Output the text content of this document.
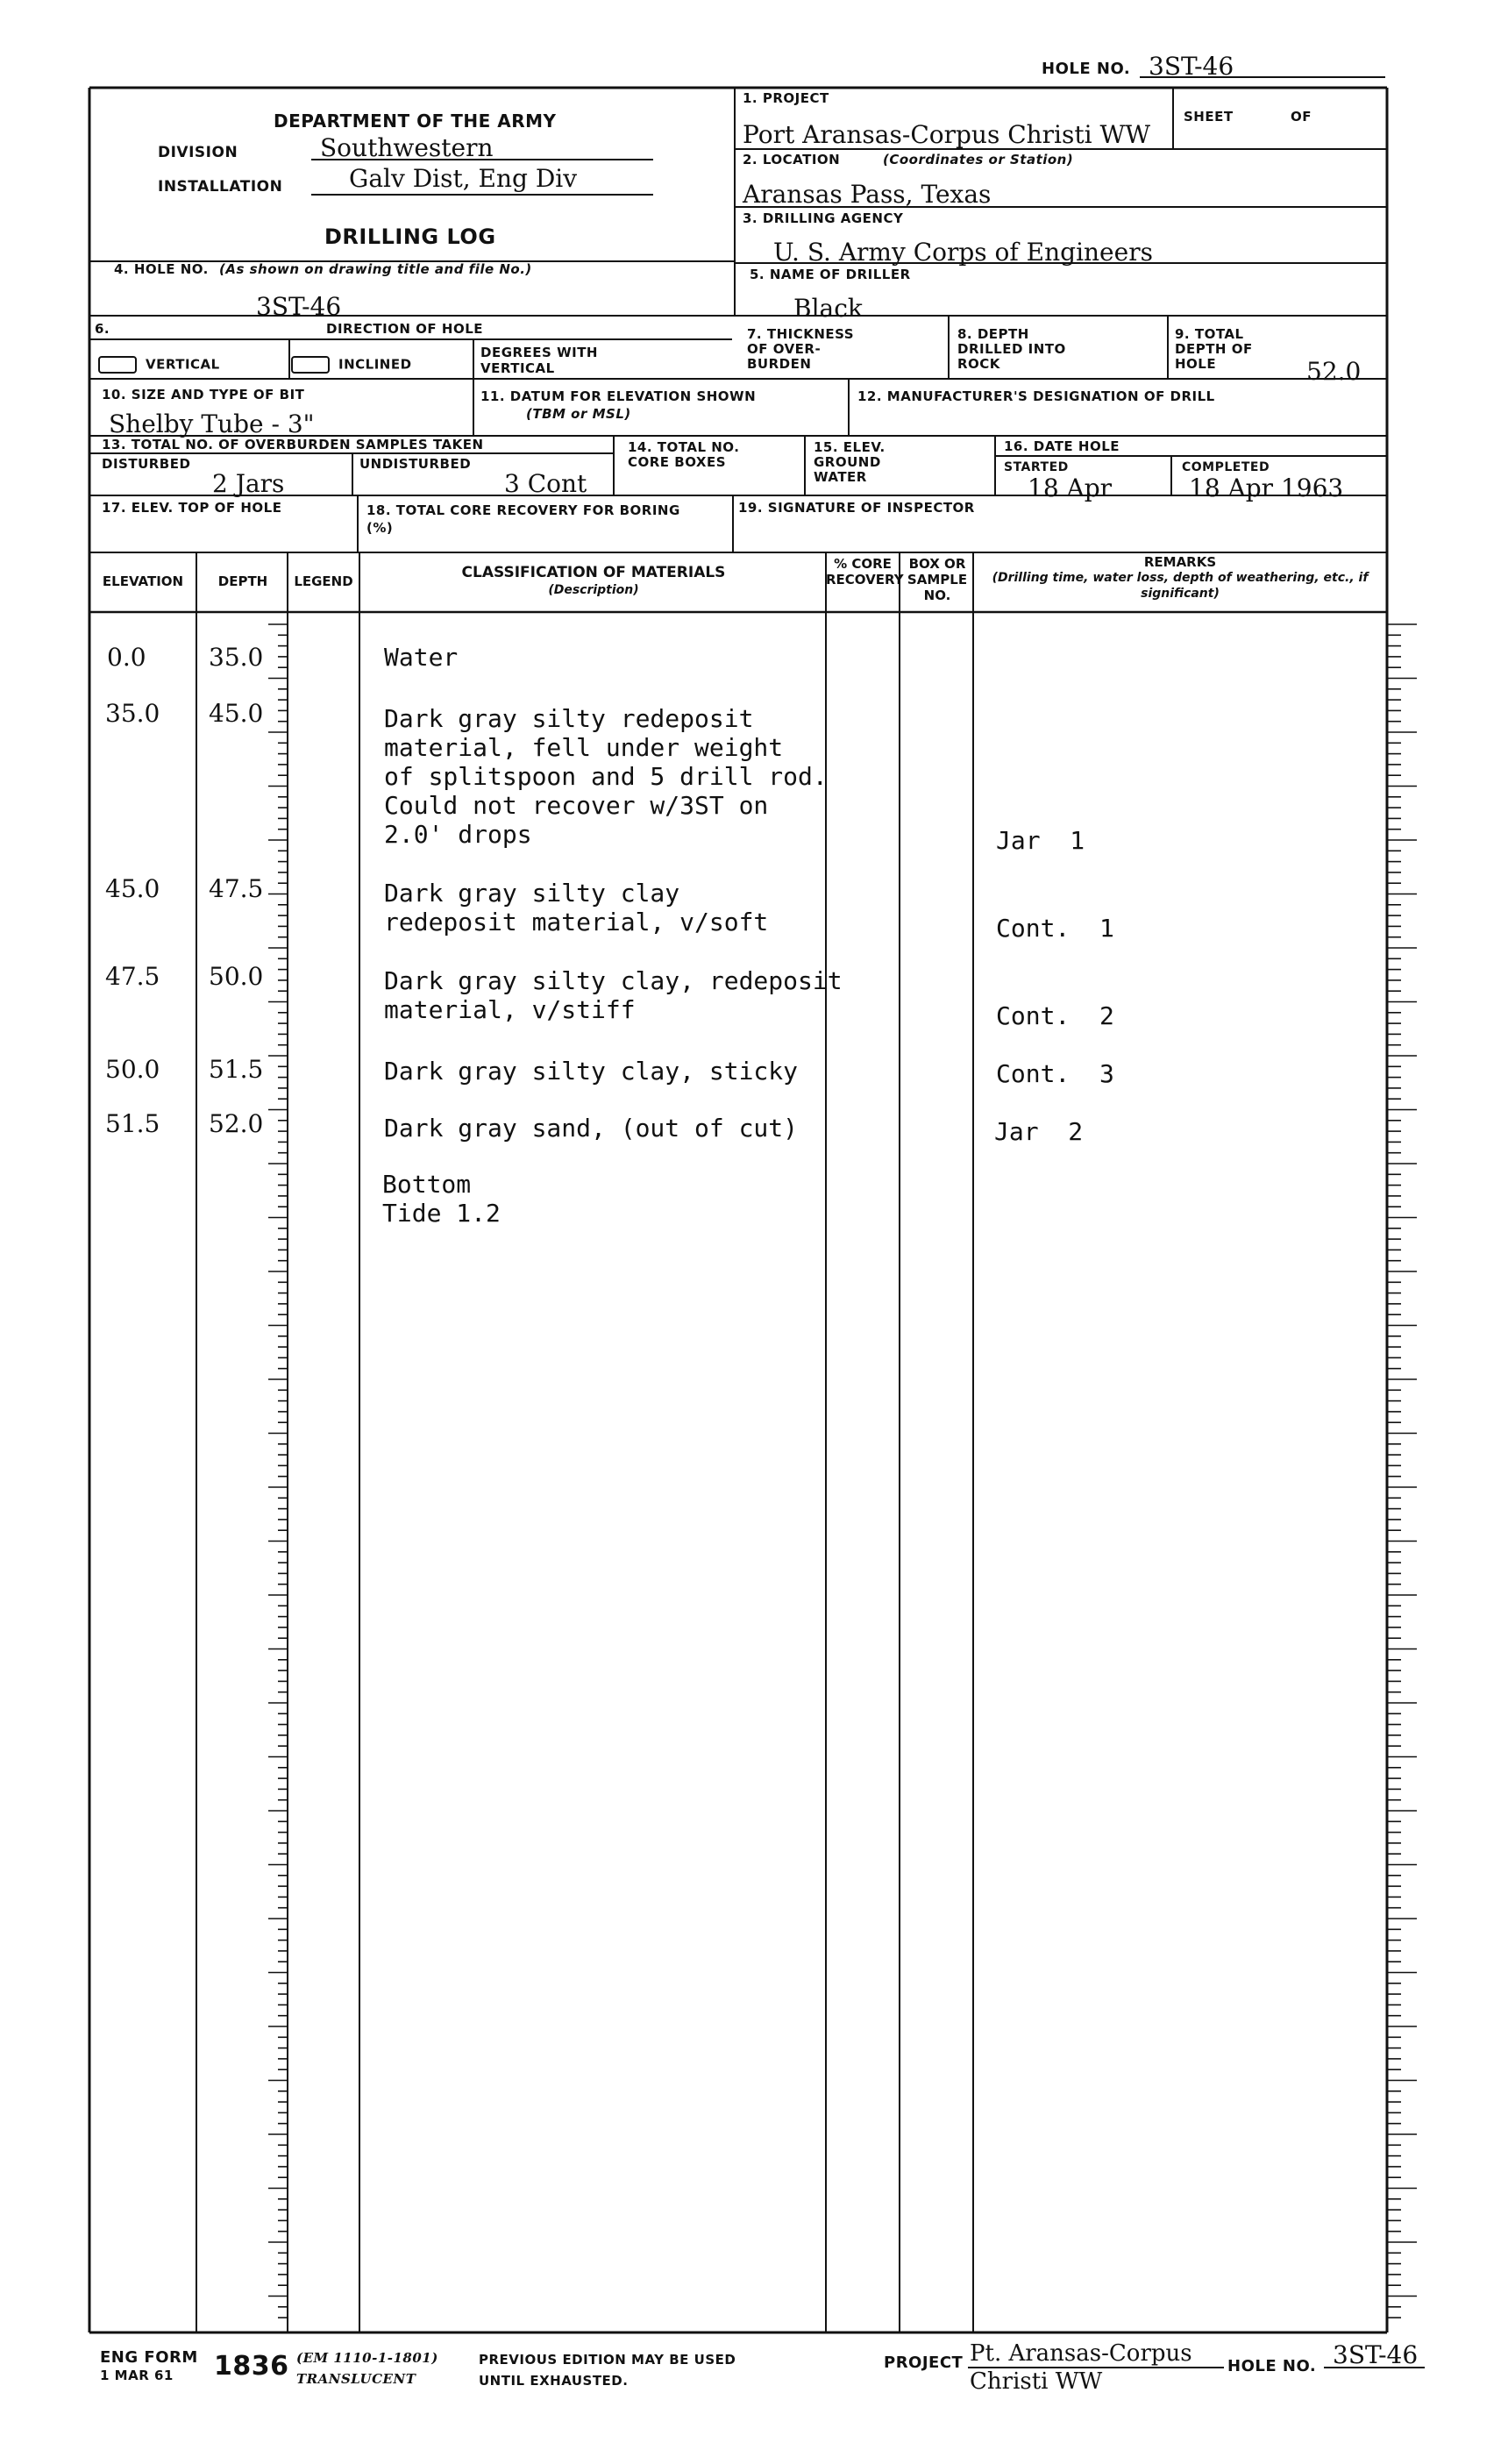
HOLE NO. 3ST-46
DEPARTMENT OF THE ARMY
DIVISION	Southwestern
INSTALLATION	Galv Dist, Eng Div
DRILLING LOG
4. HOLE NO. (As shown on drawing title and file No.)
3ST-46
1. PROJECT
Port Aransas-Corpus Christi WW
SHEET	OF
2. LOCATION	(Coordinates or Station)
Aransas Pass, Texas
3. DRILLING AGENCY
U. S. Army Corps of Engineers
5. NAME OF DRILLER
Black
6.	DIRECTION OF HOLE
VERTICAL	INCLINED
DEGREES WITH VERTICAL
7. THICKNESS OF OVER-BURDEN
8. DEPTH DRILLED INTO ROCK
9. TOTAL DEPTH OF HOLE	52.0
10. SIZE AND TYPE OF BIT
Shelby Tube - 3"
11. DATUM FOR ELEVATION SHOWN
(TBM or MSL)
12. MANUFACTURER'S DESIGNATION OF DRILL
13. TOTAL NO. OF OVERBURDEN SAMPLES TAKEN
DISTURBED
2 Jars
UNDISTURBED
3 Cont
14. TOTAL NO. CORE BOXES
15. ELEV. GROUND WATER
16. DATE HOLE
STARTED
18 Apr
COMPLETED
18 Apr 1963
17. ELEV. TOP OF HOLE	18. TOTAL CORE RECOVERY FOR BORING (%)
19. SIGNATURE OF INSPECTOR
ELEVATION	DEPTH	LEGEND	CLASSIFICATION OF MATERIALS
(Description)
% CORE RECOVERY
BOX OR SAMPLE NO.
REMARKS
(Drilling time, water loss, depth of weathering, etc., if significant)
0.0	35.0	Water
35.0 45.0	Dark gray silty redeposit
material, fell under weight
of splitspoon and 5 drill rod.
Could not recover w/3ST on
2.0' drops	Jar  1
45.0 47.5	Dark gray silty clay
redeposit material, v/soft	Cont.  1
47.5 50.0	Dark gray silty clay, redeposit
material, v/stiff	Cont.  2
50.0 51.5	Dark gray silty clay, sticky	Cont.  3
51.5 52.0	Dark gray sand, (out of cut)	Jar  2
Bottom
Tide 1.2
ENG FORM
1 MAR 61 1836 (EM 1110-1-1801)
TRANSLUCENT
PREVIOUS EDITION MAY BE USED
UNTIL EXHAUSTED.
PROJECT Pt. Aransas-Corpus
Christi WW
HOLE NO. 3ST-46
